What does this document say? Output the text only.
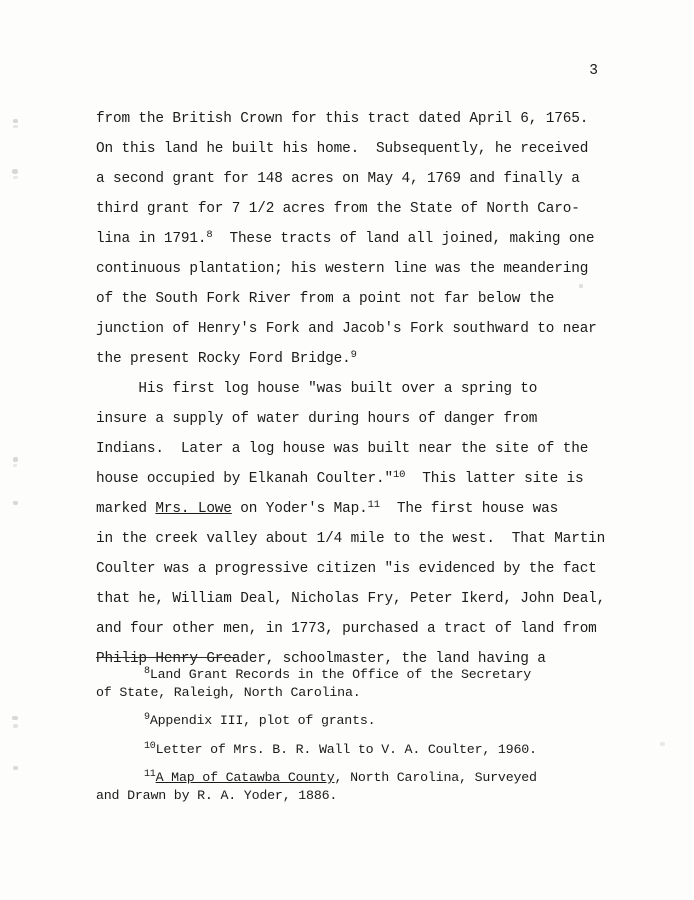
3
from the British Crown for this tract dated April 6, 1765.
On this land he built his home.  Subsequently, he received
a second grant for 148 acres on May 4, 1769 and finally a
third grant for 7 1/2 acres from the State of North Caro-
lina in 1791.$^8$  These tracts of land all joined, making one
continuous plantation; his western line was the meandering
of the South Fork River from a point not far below the
junction of Henry's Fork and Jacob's Fork southward to near
the present Rocky Ford Bridge.$^9$
His first log house "was built over a spring to
insure a supply of water during hours of danger from
Indians.  Later a log house was built near the site of the
house occupied by Elkanah Coulter."$^{10}$  This latter site is
marked Mrs. Lowe on Yoder's Map.$^{11}$  The first house was
in the creek valley about 1/4 mile to the west.  That Martin
Coulter was a progressive citizen "is evidenced by the fact
that he, William Deal, Nicholas Fry, Peter Ikerd, John Deal,
and four other men, in 1773, purchased a tract of land from
Philip Henry Greader, schoolmaster, the land having a
$^8$Land Grant Records in the Office of the Secretary
of State, Raleigh, North Carolina.
$^9$Appendix III, plot of grants.
$^{10}$Letter of Mrs. B. R. Wall to V. A. Coulter, 1960.
$^{11}$A Map of Catawba County, North Carolina, Surveyed
and Drawn by R. A. Yoder, 1886.
